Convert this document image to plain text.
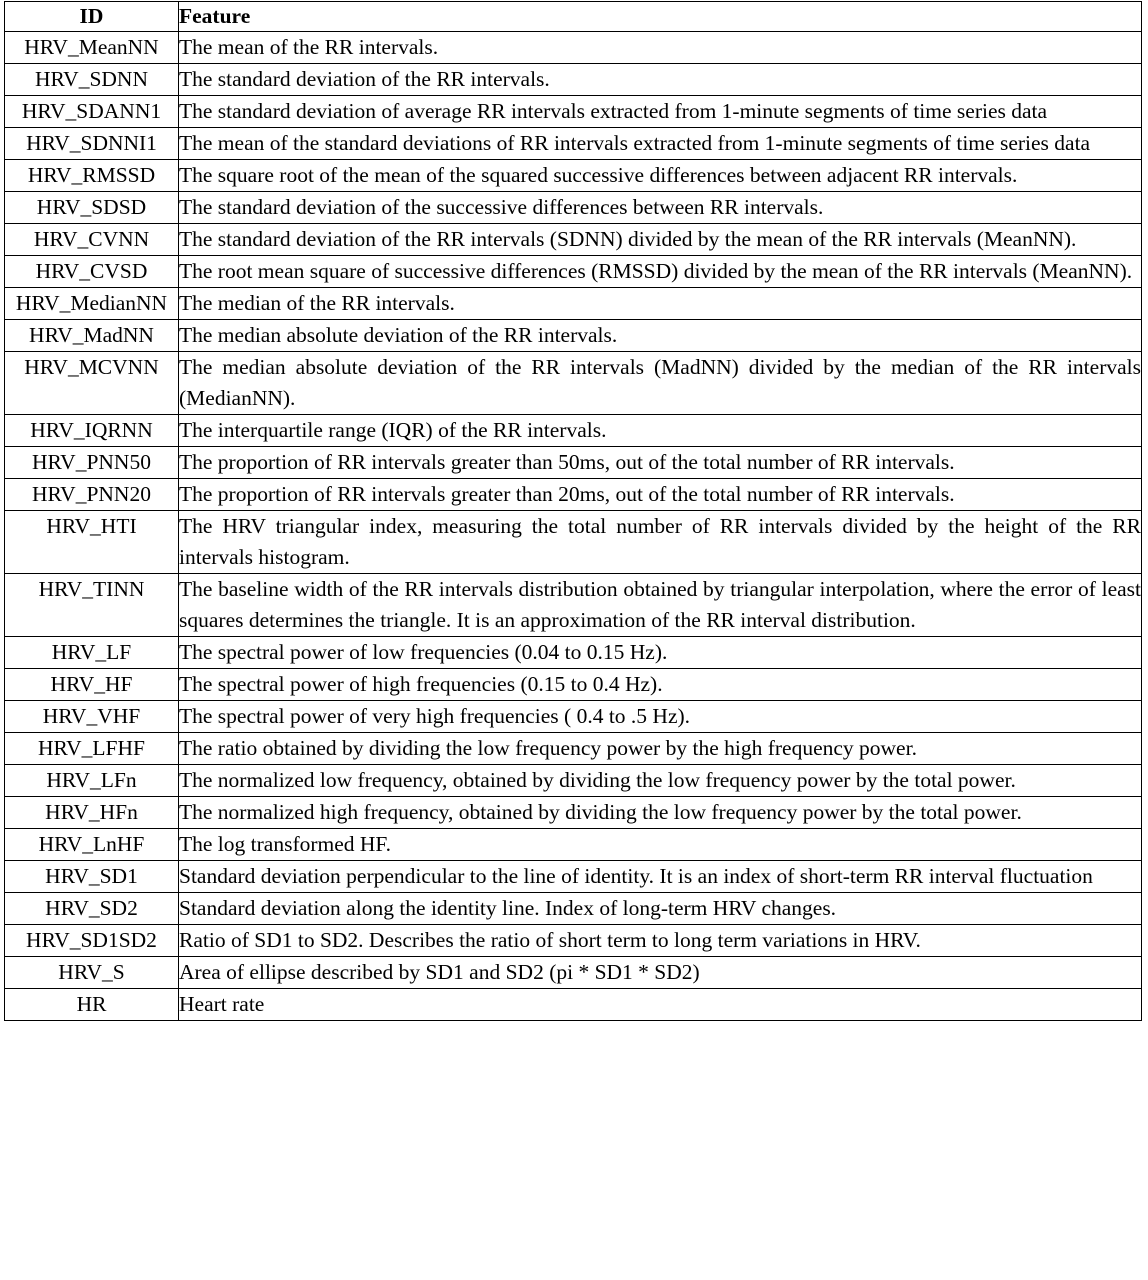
ID	Feature
HRV_MeanNN	The mean of the RR intervals.
HRV_SDNN	The standard deviation of the RR intervals.
HRV_SDANN1	The standard deviation of average RR intervals extracted from 1-minute segments of time series data
HRV_SDNNI1	The mean of the standard deviations of RR intervals extracted from 1-minute segments of time series data
HRV_RMSSD	The square root of the mean of the squared successive differences between adjacent RR intervals.
HRV_SDSD	The standard deviation of the successive differences between RR intervals.
HRV_CVNN	The standard deviation of the RR intervals (SDNN) divided by the mean of the RR intervals (MeanNN).
HRV_CVSD	The root mean square of successive differences (RMSSD) divided by the mean of the RR intervals (MeanNN).
HRV_MedianNN	The median of the RR intervals.
HRV_MadNN	The median absolute deviation of the RR intervals.
HRV_MCVNN	The median absolute deviation of the RR intervals (MadNN) divided by the median of the RR intervals (MedianNN).
HRV_IQRNN	The interquartile range (IQR) of the RR intervals.
HRV_PNN50	The proportion of RR intervals greater than 50ms, out of the total number of RR intervals.
HRV_PNN20	The proportion of RR intervals greater than 20ms, out of the total number of RR intervals.
HRV_HTI	The HRV triangular index, measuring the total number of RR intervals divided by the height of the RR intervals histogram.
HRV_TINN	The baseline width of the RR intervals distribution obtained by triangular interpolation, where the error of least squares determines the triangle. It is an approximation of the RR interval distribution.
HRV_LF	The spectral power of low frequencies (0.04 to 0.15 Hz).
HRV_HF	The spectral power of high frequencies (0.15 to 0.4 Hz).
HRV_VHF	The spectral power of very high frequencies ( 0.4 to .5 Hz).
HRV_LFHF	The ratio obtained by dividing the low frequency power by the high frequency power.
HRV_LFn	The normalized low frequency, obtained by dividing the low frequency power by the total power.
HRV_HFn	The normalized high frequency, obtained by dividing the low frequency power by the total power.
HRV_LnHF	The log transformed HF.
HRV_SD1	Standard deviation perpendicular to the line of identity. It is an index of short-term RR interval fluctuation
HRV_SD2	Standard deviation along the identity line. Index of long-term HRV changes.
HRV_SD1SD2	Ratio of SD1 to SD2. Describes the ratio of short term to long term variations in HRV.
HRV_S	Area of ellipse described by SD1 and SD2 (pi * SD1 * SD2)
HR	Heart rate
